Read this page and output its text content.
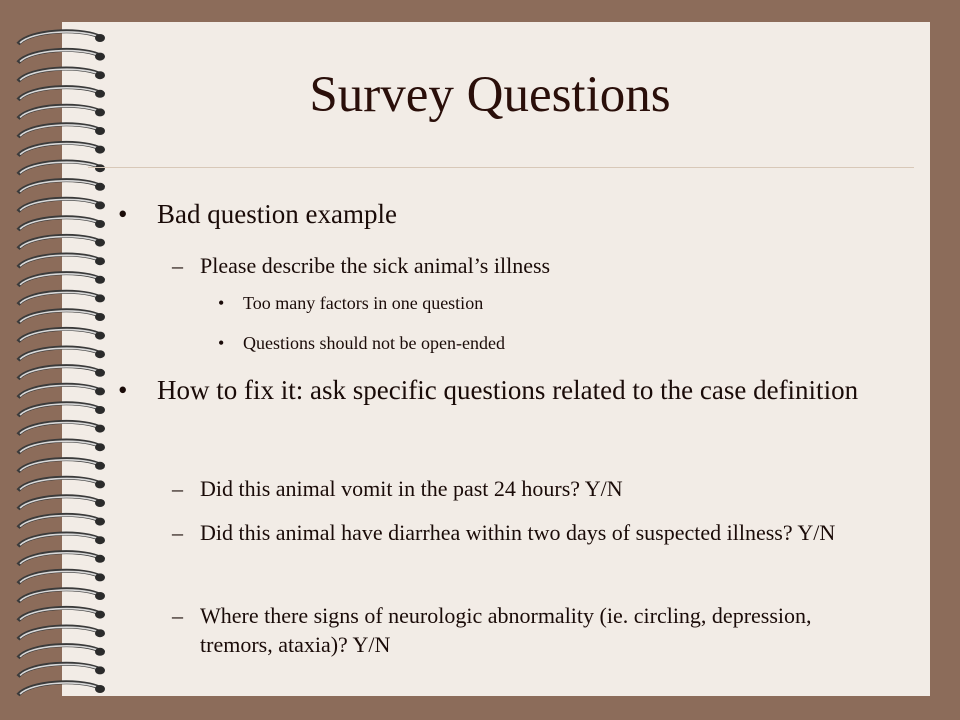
Survey Questions
• Bad question example
– Please describe the sick animal’s illness
• Too many factors in one question
• Questions should not be open-ended
• How to fix it: ask specific questions related to the case definition
– Did this animal vomit in the past 24 hours? Y/N
– Did this animal have diarrhea within two days of suspected illness? Y/N
– Where there signs of neurologic abnormality (ie. circling, depression, tremors, ataxia)? Y/N
